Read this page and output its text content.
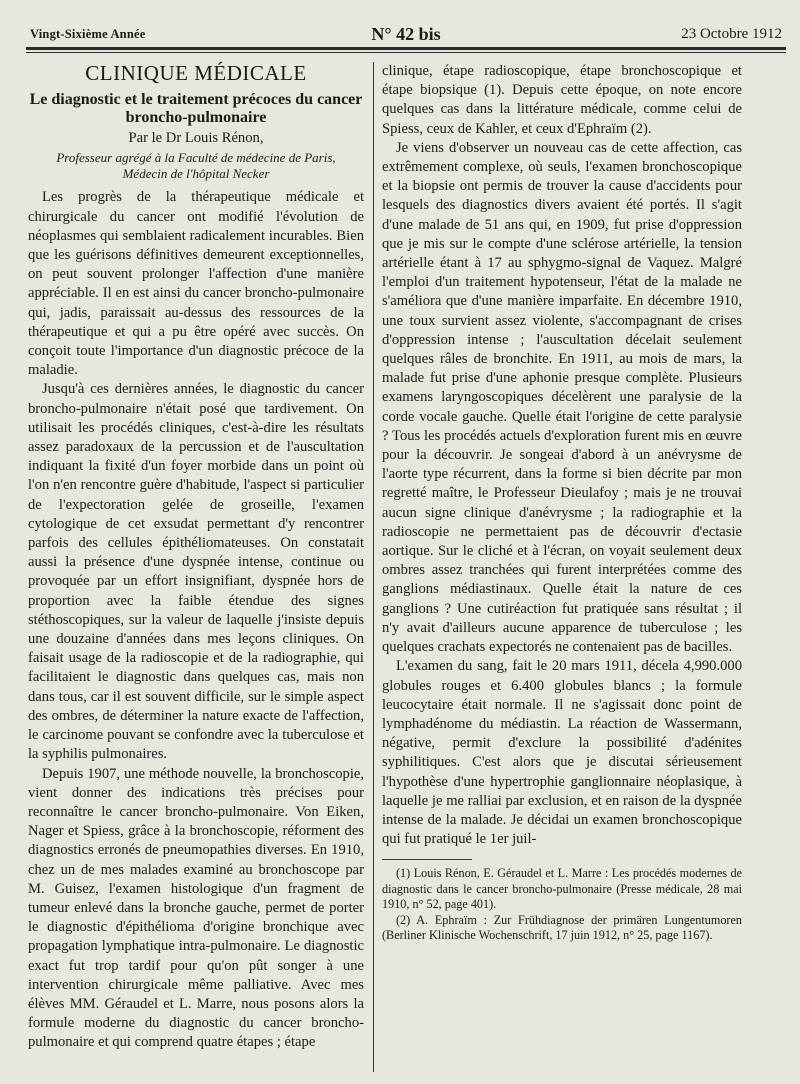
Vingt-Sixième Année	N° 42 bis	23 Octobre 1912
CLINIQUE MÉDICALE
Le diagnostic et le traitement précoces du cancer broncho-pulmonaire
Par le Dr Louis Rénon,
Professeur agrégé à la Faculté de médecine de Paris,
Médecin de l'hôpital Necker

Les progrès de la thérapeutique médicale et chirurgicale du cancer ont modifié l'évolution de néoplasmes qui semblaient radicalement incurables. Bien que les guérisons définitives demeurent exceptionnelles, on peut souvent prolonger l'affection d'une manière appréciable. Il en est ainsi du cancer broncho-pulmonaire qui, jadis, paraissait au-dessus des ressources de la thérapeutique et qui a pu être opéré avec succès. On conçoit toute l'importance d'un diagnostic précoce de la maladie.

Jusqu'à ces dernières années, le diagnostic du cancer broncho-pulmonaire n'était posé que tardivement. On utilisait les procédés cliniques, c'est-à-dire les résultats assez paradoxaux de la percussion et de l'auscultation indiquant la fixité d'un foyer morbide dans un point où l'on n'en rencontre guère d'habitude, l'aspect si particulier de l'expectoration gelée de groseille, l'examen cytologique de cet exsudat permettant d'y rencontrer parfois des cellules épithéliomateuses. On constatait aussi la présence d'une dyspnée intense, continue ou provoquée par un effort insignifiant, dyspnée hors de proportion avec la faible étendue des signes stéthoscopiques, sur la valeur de laquelle j'insiste depuis une douzaine d'années dans mes leçons cliniques. On faisait usage de la radioscopie et de la radiographie, qui facilitaient le diagnostic dans quelques cas, mais non dans tous, car il est souvent difficile, sur le simple aspect des ombres, de déterminer la nature exacte de l'affection, le carcinome pouvant se confondre avec la tuberculose et la syphilis pulmonaires.

Depuis 1907, une méthode nouvelle, la bronchoscopie, vient donner des indications très précises pour reconnaître le cancer broncho-pulmonaire. Von Eiken, Nager et Spiess, grâce à la bronchoscopie, réforment des diagnostics erronés de pneumopathies diverses. En 1910, chez un de mes malades examiné au bronchoscope par M. Guisez, l'examen histologique d'un fragment de tumeur enlevé dans la bronche gauche, permet de porter le diagnostic d'épithélioma d'origine bronchique avec propagation lymphatique intra-pulmonaire. Le diagnostic exact fut trop tardif pour qu'on pût songer à une intervention chirurgicale même palliative. Avec mes élèves MM. Géraudel et L. Marre, nous posons alors la formule moderne du diagnostic du cancer broncho-pulmonaire et qui comprend quatre étapes ; étape

clinique, étape radioscopique, étape bronchoscopique et étape biopsique (1). Depuis cette époque, on note encore quelques cas dans la littérature médicale, comme celui de Spiess, ceux de Kahler, et ceux d'Ephraïm (2).

Je viens d'observer un nouveau cas de cette affection, cas extrêmement complexe, où seuls, l'examen bronchoscopique et la biopsie ont permis de trouver la cause d'accidents pour lesquels des diagnostics divers avaient été portés. Il s'agit d'une malade de 51 ans qui, en 1909, fut prise d'oppression que je mis sur le compte d'une sclérose artérielle, la tension artérielle étant à 17 au sphygmo-signal de Vaquez. Malgré l'emploi d'un traitement hypotenseur, l'état de la malade ne s'améliora que d'une manière imparfaite. En décembre 1910, une toux survient assez violente, s'accompagnant de crises d'oppression intense ; l'auscultation décelait seulement quelques râles de bronchite. En 1911, au mois de mars, la malade fut prise d'une aphonie presque complète. Plusieurs examens laryngoscopiques décelèrent une paralysie de la corde vocale gauche. Quelle était l'origine de cette paralysie ? Tous les procédés actuels d'exploration furent mis en œuvre pour la découvrir. Je songeai d'abord à un anévrysme de l'aorte type récurrent, dans la forme si bien décrite par mon regretté maître, le Professeur Dieulafoy ; mais je ne trouvai aucun signe clinique d'anévrysme ; la radiographie et la radioscopie ne permettaient pas de découvrir d'ectasie aortique. Sur le cliché et à l'écran, on voyait seulement deux ombres assez tranchées qui furent interprétées comme des ganglions médiastinaux. Quelle était la nature de ces ganglions ? Une cutiréaction fut pratiquée sans résultat ; il n'y avait d'ailleurs aucune apparence de tuberculose ; les quelques crachats expectorés ne contenaient pas de bacilles.

L'examen du sang, fait le 20 mars 1911, décela 4,990.000 globules rouges et 6.400 globules blancs ; la formule leucocytaire était normale. Il ne s'agissait donc point de lymphadénome du médiastin. La réaction de Wassermann, négative, permit d'exclure la possibilité d'adénites syphilitiques. C'est alors que je discutai sérieusement l'hypothèse d'une hypertrophie ganglionnaire néoplasique, à laquelle je me ralliai par exclusion, et en raison de la dyspnée intense de la malade. Je décidai un examen bronchoscopique qui fut pratiqué le 1er juil-

(1) Louis Rénon, E. Géraudel et L. Marre : Les procédés modernes de diagnostic dans le cancer broncho-pulmonaire (Presse médicale, 28 mai 1910, n° 52, page 401).

(2) A. Ephraïm : Zur Frühdiagnose der primären Lungentumoren (Berliner Klinische Wochenschrift, 17 juin 1912, n° 25, page 1167).
